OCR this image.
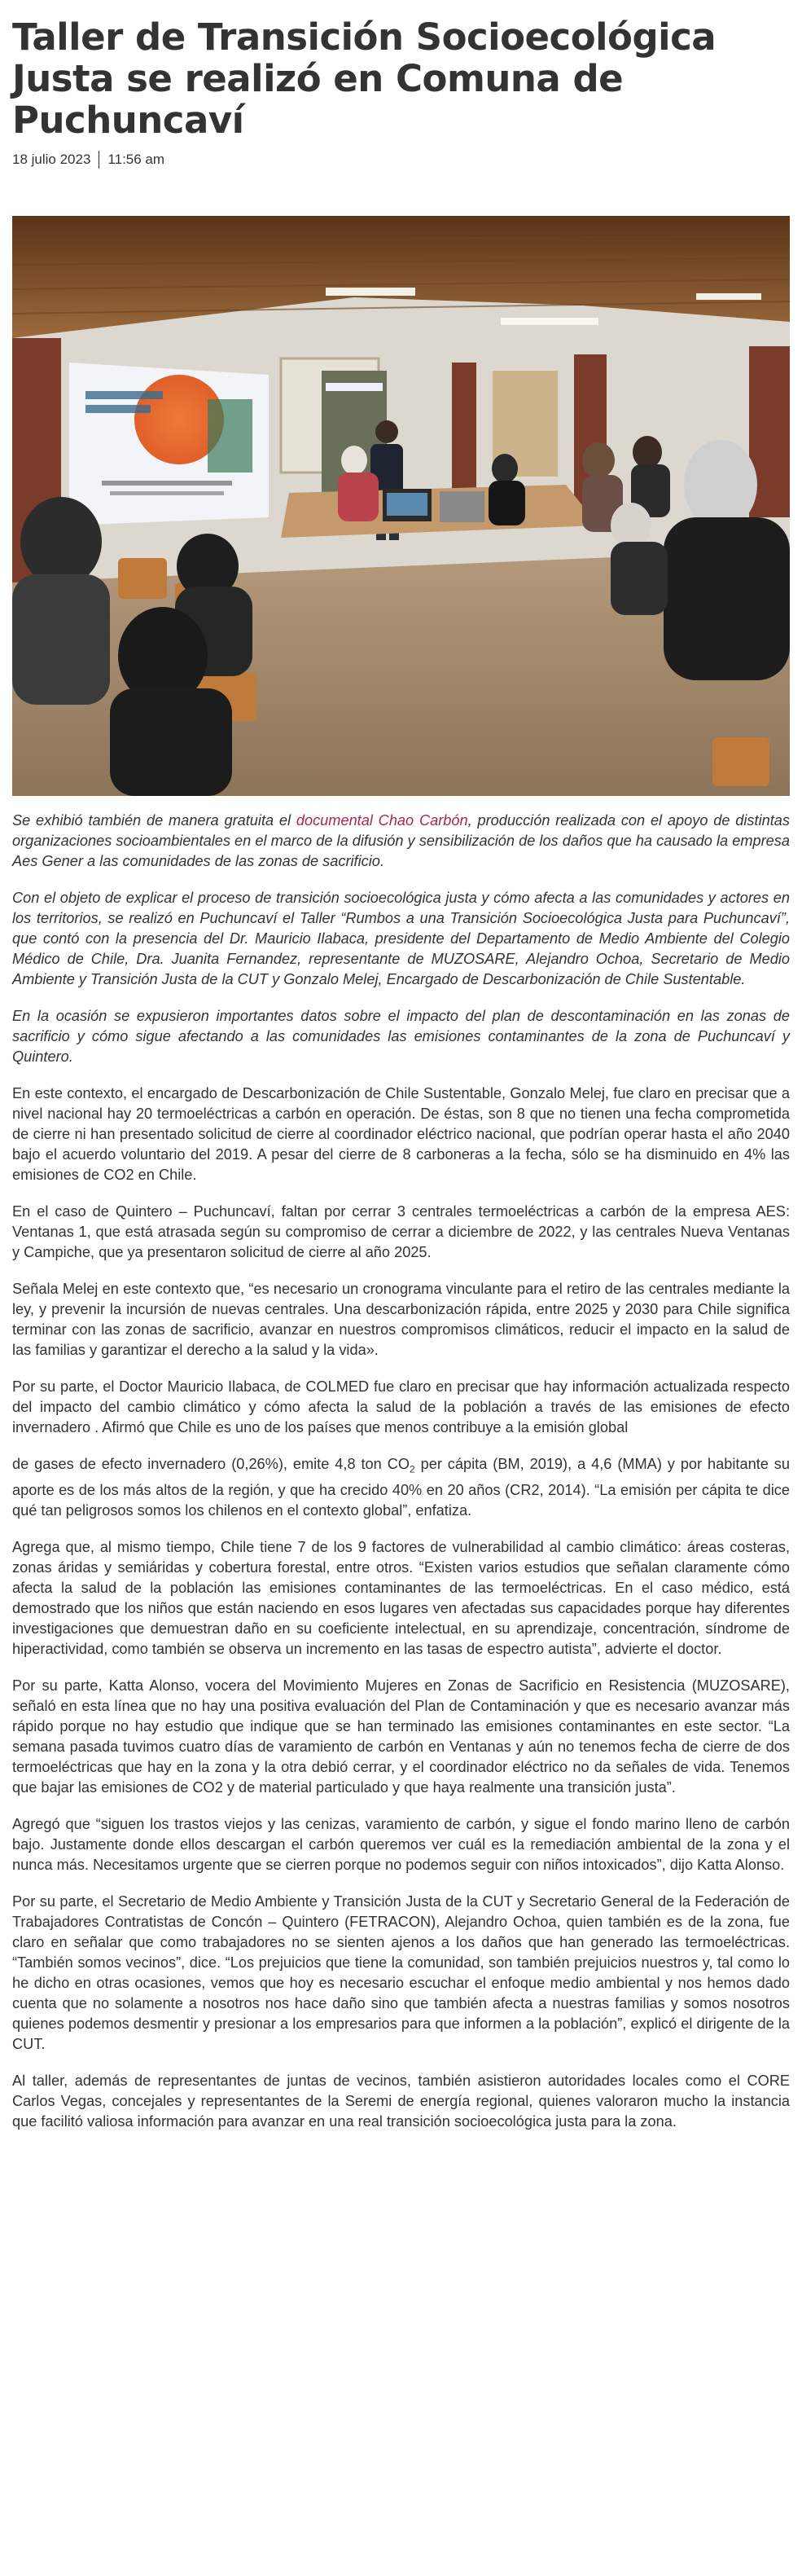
Taller de Transición Socioecológica Justa se realizó en Comuna de Puchuncaví
18 julio 2023 11:56 am

Se exhibió también de manera gratuita el documental Chao Carbón, producción realizada con el apoyo de distintas organizaciones socioambientales en el marco de la difusión y sensibilización de los daños que ha causado la empresa Aes Gener a las comunidades de las zonas de sacrificio.

Con el objeto de explicar el proceso de transición socioecológica justa y cómo afecta a las comunidades y actores en los territorios, se realizó en Puchuncaví el Taller “Rumbos a una Transición Socioecológica Justa para Puchuncaví”, que contó con la presencia del Dr. Mauricio Ilabaca, presidente del Departamento de Medio Ambiente del Colegio Médico de Chile, Dra. Juanita Fernandez, representante de MUZOSARE, Alejandro Ochoa, Secretario de Medio Ambiente y Transición Justa de la CUT y Gonzalo Melej, Encargado de Descarbonización de Chile Sustentable.

En la ocasión se expusieron importantes datos sobre el impacto del plan de descontaminación en las zonas de sacrificio y cómo sigue afectando a las comunidades las emisiones contaminantes de la zona de Puchuncaví y Quintero.

En este contexto, el encargado de Descarbonización de Chile Sustentable, Gonzalo Melej, fue claro en precisar que a nivel nacional hay 20 termoeléctricas a carbón en operación. De éstas, son 8 que no tienen una fecha comprometida de cierre ni han presentado solicitud de cierre al coordinador eléctrico nacional, que podrían operar hasta el año 2040 bajo el acuerdo voluntario del 2019. A pesar del cierre de 8 carboneras a la fecha, sólo se ha disminuido en 4% las emisiones de CO2 en Chile.

En el caso de Quintero – Puchuncaví, faltan por cerrar 3 centrales termoeléctricas a carbón de la empresa AES: Ventanas 1, que está atrasada según su compromiso de cerrar a diciembre de 2022, y las centrales Nueva Ventanas y Campiche, que ya presentaron solicitud de cierre al año 2025.

Señala Melej en este contexto que, “es necesario un cronograma vinculante para el retiro de las centrales mediante la ley, y prevenir la incursión de nuevas centrales. Una descarbonización rápida, entre 2025 y 2030 para Chile significa terminar con las zonas de sacrificio, avanzar en nuestros compromisos climáticos, reducir el impacto en la salud de las familias y garantizar el derecho a la salud y la vida».

Por su parte, el Doctor Mauricio Ilabaca, de COLMED fue claro en precisar que hay información actualizada respecto del impacto del cambio climático y cómo afecta la salud de la población a través de las emisiones de efecto invernadero . Afirmó que Chile es uno de los países que menos contribuye a la emisión global

de gases de efecto invernadero (0,26%), emite 4,8 ton $CO_2$ per cápita (BM, 2019), a 4,6 (MMA) y por habitante su aporte es de los más altos de la región, y que ha crecido 40% en 20 años (CR2, 2014). “La emisión per cápita te dice qué tan peligrosos somos los chilenos en el contexto global”, enfatiza.

Agrega que, al mismo tiempo, Chile tiene 7 de los 9 factores de vulnerabilidad al cambio climático: áreas costeras, zonas áridas y semiáridas y cobertura forestal, entre otros. “Existen varios estudios que señalan claramente cómo afecta la salud de la población las emisiones contaminantes de las termoeléctricas. En el caso médico, está demostrado que los niños que están naciendo en esos lugares ven afectadas sus capacidades porque hay diferentes investigaciones que demuestran daño en su coeficiente intelectual, en su aprendizaje, concentración, síndrome de hiperactividad, como también se observa un incremento en las tasas de espectro autista”, advierte el doctor.

Por su parte, Katta Alonso, vocera del Movimiento Mujeres en Zonas de Sacrificio en Resistencia (MUZOSARE), señaló en esta línea que no hay una positiva evaluación del Plan de Contaminación y que es necesario avanzar más rápido porque no hay estudio que indique que se han terminado las emisiones contaminantes en este sector. “La semana pasada tuvimos cuatro días de varamiento de carbón en Ventanas y aún no tenemos fecha de cierre de dos termoeléctricas que hay en la zona y la otra debió cerrar, y el coordinador eléctrico no da señales de vida. Tenemos que bajar las emisiones de CO2 y de material particulado y que haya realmente una transición justa”.

Agregó que “siguen los trastos viejos y las cenizas, varamiento de carbón, y sigue el fondo marino lleno de carbón bajo. Justamente donde ellos descargan el carbón queremos ver cuál es la remediación ambiental de la zona y el nunca más. Necesitamos urgente que se cierren porque no podemos seguir con niños intoxicados”, dijo Katta Alonso.

Por su parte, el Secretario de Medio Ambiente y Transición Justa de la CUT y Secretario General de la Federación de Trabajadores Contratistas de Concón – Quintero (FETRACON), Alejandro Ochoa, quien también es de la zona, fue claro en señalar que como trabajadores no se sienten ajenos a los daños que han generado las termoeléctricas. “También somos vecinos”, dice. “Los prejuicios que tiene la comunidad, son también prejuicios nuestros y, tal como lo he dicho en otras ocasiones, vemos que hoy es necesario escuchar el enfoque medio ambiental y nos hemos dado cuenta que no solamente a nosotros nos hace daño sino que también afecta a nuestras familias y somos nosotros quienes podemos desmentir y presionar a los empresarios para que informen a la población”, explicó el dirigente de la CUT.

Al taller, además de representantes de juntas de vecinos, también asistieron autoridades locales como el CORE Carlos Vegas, concejales y representantes de la Seremi de energía regional, quienes valoraron mucho la instancia que facilitó valiosa información para avanzar en una real transición socioecológica justa para la zona.
